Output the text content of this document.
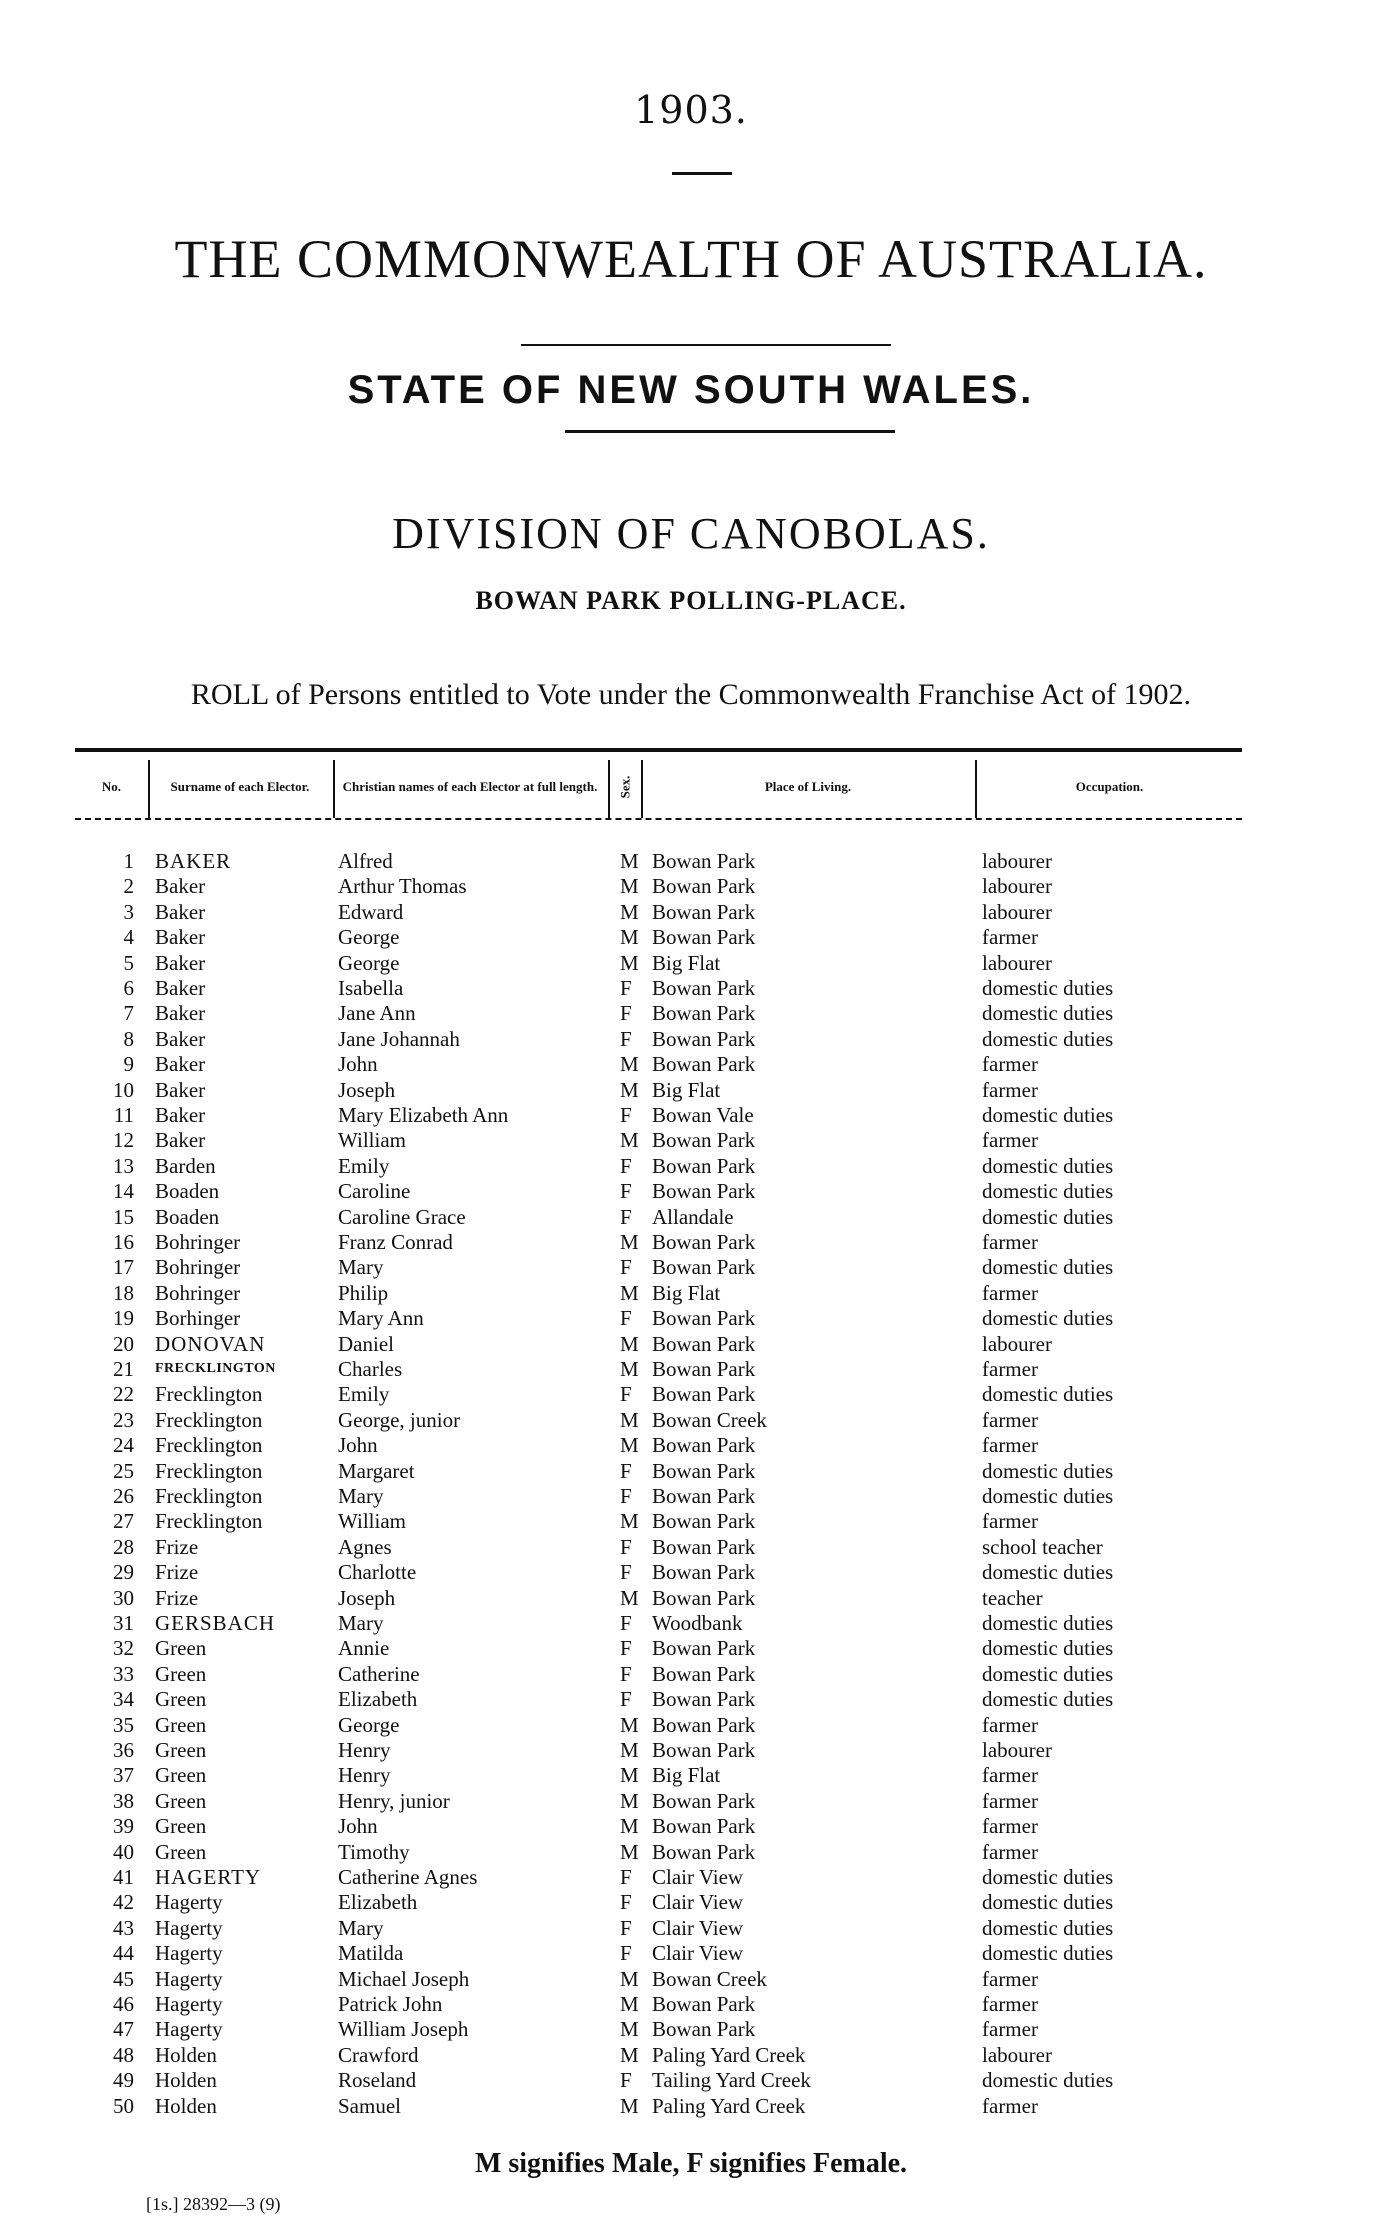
1903.
THE COMMONWEALTH OF AUSTRALIA.
STATE OF NEW SOUTH WALES.
DIVISION OF CANOBOLAS.
BOWAN PARK POLLING-PLACE.
ROLL of Persons entitled to Vote under the Commonwealth Franchise Act of 1902.
No.	Surname of each Elector.	Christian names of each Elector at full length.	Sex.	Place of Living.	Occupation.
1 BAKER	Alfred	M Bowan Park	labourer
2 Baker	Arthur Thomas	M Bowan Park	labourer
3 Baker	Edward	M Bowan Park	labourer
4 Baker	George	M Bowan Park	farmer
5 Baker	George	M Big Flat	labourer
6 Baker	Isabella	F Bowan Park	domestic duties
7 Baker	Jane Ann	F Bowan Park	domestic duties
8 Baker	Jane Johannah	F Bowan Park	domestic duties
9 Baker	John	M Bowan Park	farmer
10 Baker	Joseph	M Big Flat	farmer
11 Baker	Mary Elizabeth Ann	F Bowan Vale	domestic duties
12 Baker	William	M Bowan Park	farmer
13 Barden	Emily	F Bowan Park	domestic duties
14 Boaden	Caroline	F Bowan Park	domestic duties
15 Boaden	Caroline Grace	F Allandale	domestic duties
16 Bohringer	Franz Conrad	M Bowan Park	farmer
17 Bohringer	Mary	F Bowan Park	domestic duties
18 Bohringer	Philip	M Big Flat	farmer
19 Borhinger	Mary Ann	F Bowan Park	domestic duties
20 DONOVAN	Daniel	M Bowan Park	labourer
21 FRECKLINGTON	Charles	M Bowan Park	farmer
22 Frecklington	Emily	F Bowan Park	domestic duties
23 Frecklington	George, junior	M Bowan Creek	farmer
24 Frecklington	John	M Bowan Park	farmer
25 Frecklington	Margaret	F Bowan Park	domestic duties
26 Frecklington	Mary	F Bowan Park	domestic duties
27 Frecklington	William	M Bowan Park	farmer
28 Frize	Agnes	F Bowan Park	school teacher
29 Frize	Charlotte	F Bowan Park	domestic duties
30 Frize	Joseph	M Bowan Park	teacher
31 GERSBACH	Mary	F Woodbank	domestic duties
32 Green	Annie	F Bowan Park	domestic duties
33 Green	Catherine	F Bowan Park	domestic duties
34 Green	Elizabeth	F Bowan Park	domestic duties
35 Green	George	M Bowan Park	farmer
36 Green	Henry	M Bowan Park	labourer
37 Green	Henry	M Big Flat	farmer
38 Green	Henry, junior	M Bowan Park	farmer
39 Green	John	M Bowan Park	farmer
40 Green	Timothy	M Bowan Park	farmer
41 HAGERTY	Catherine Agnes	F Clair View	domestic duties
42 Hagerty	Elizabeth	F Clair View	domestic duties
43 Hagerty	Mary	F Clair View	domestic duties
44 Hagerty	Matilda	F Clair View	domestic duties
45 Hagerty	Michael Joseph	M Bowan Creek	farmer
46 Hagerty	Patrick John	M Bowan Park	farmer
47 Hagerty	William Joseph	M Bowan Park	farmer
48 Holden	Crawford	M Paling Yard Creek	labourer
49 Holden	Roseland	F Tailing Yard Creek	domestic duties
50 Holden	Samuel	M Paling Yard Creek	farmer
M signifies Male, F signifies Female.
[1s.] 28392—3 (9)
